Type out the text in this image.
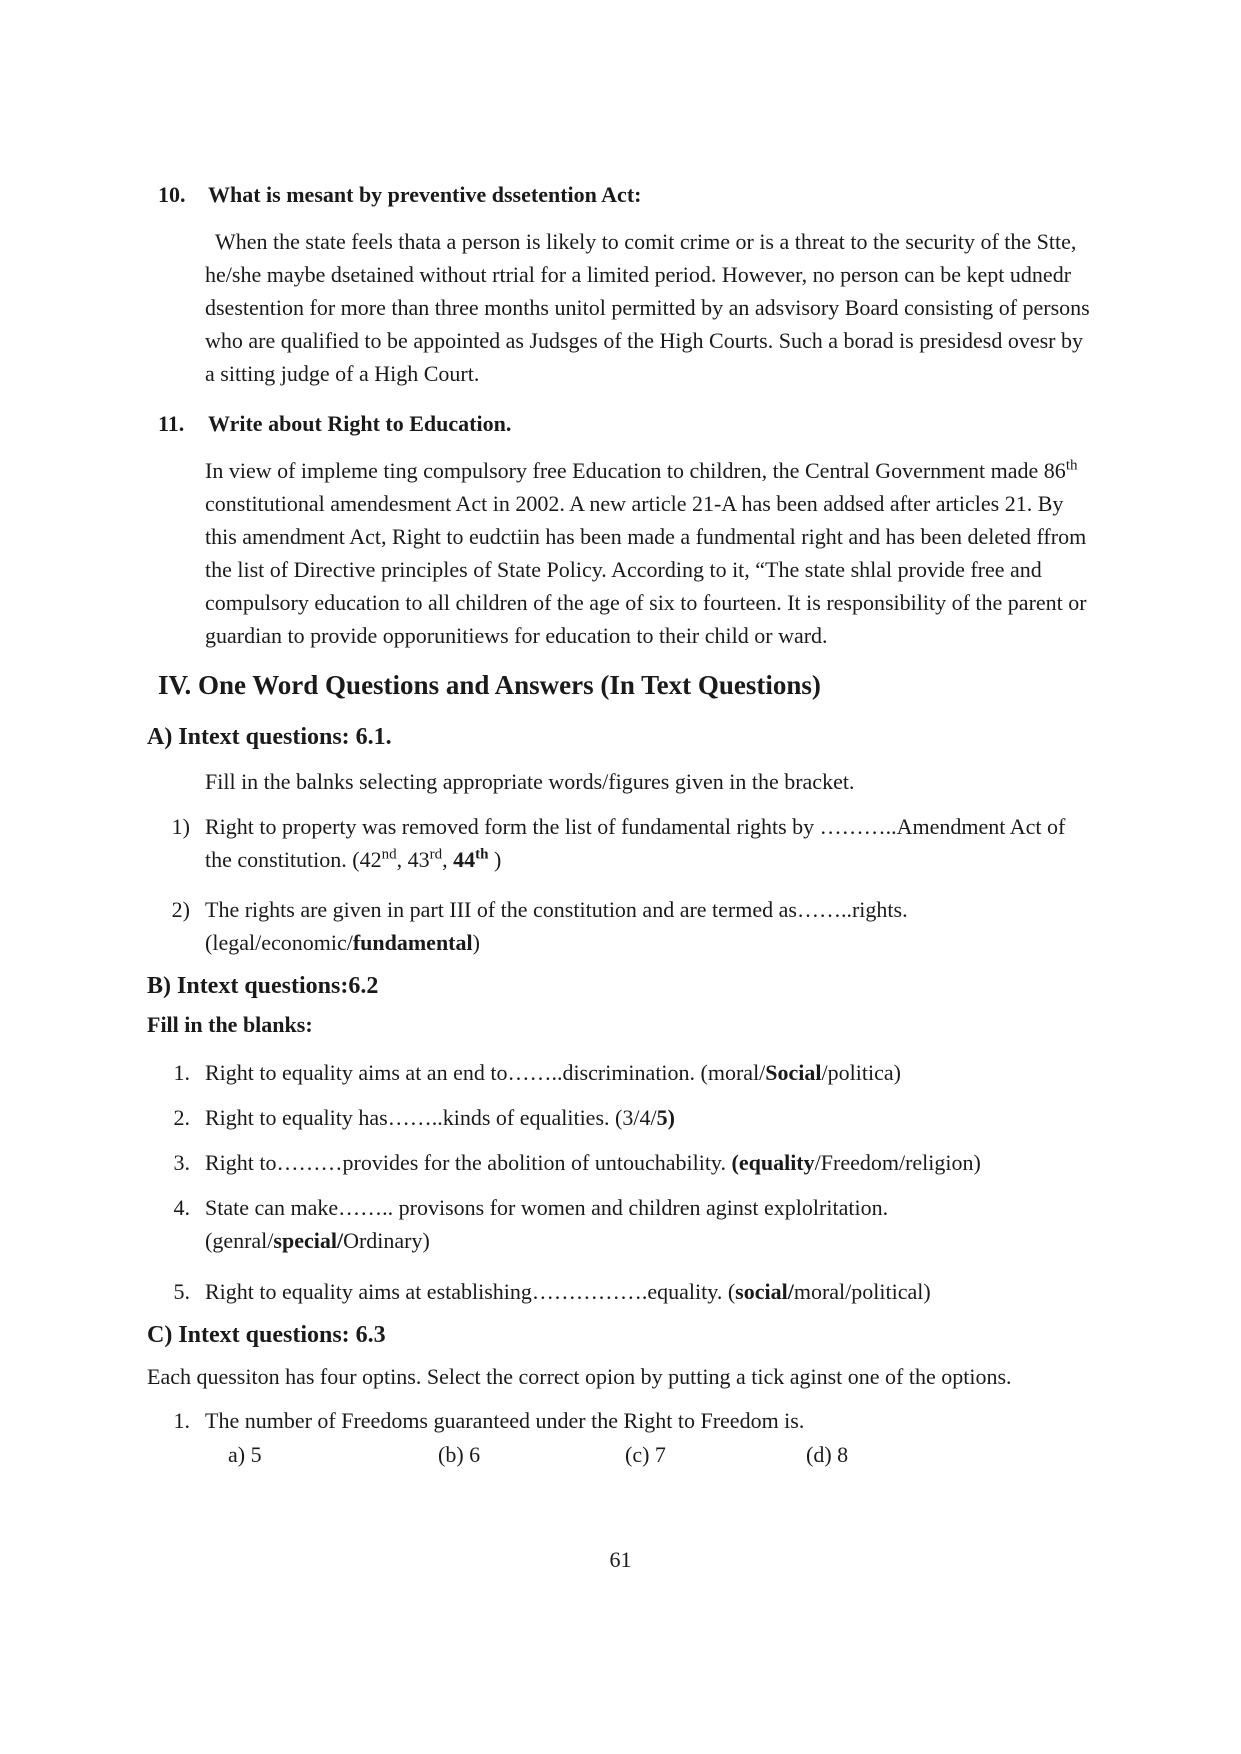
10. What is mesant by preventive dssetention Act:

When the state feels thata a person is likely to comit crime or is a threat to the security of the Stte, he/she maybe dsetained without rtrial for a limited period. However, no person can be kept udnedr dsestention for more than three months unitol permitted by an adsvisory Board consisting of persons who are qualified to be appointed as Judsges of the High Courts. Such a borad is presidesd ovesr by a sitting judge of a High Court.

11. Write about Right to Education.

In view of impleme ting compulsory free Education to children, the Central Government made 86th constitutional amendesment Act in 2002. A new article 21-A has been addsed after articles 21. By this amendment Act, Right to eudctiin has been made a fundmental right and has been deleted ffrom the list of Directive principles of State Policy. According to it, “The state shlal provide free and compulsory education to all children of the age of six to fourteen. It is responsibility of the parent or guardian to provide opporunitiews for education to their child or ward.

IV. One Word Questions and Answers (In Text Questions)
A) Intext questions: 6.1.

Fill in the balnks selecting appropriate words/figures given in the bracket.

1) Right to property was removed form the list of fundamental rights by ………..Amendment Act of the constitution. (42nd, 43rd, 44th )
2) The rights are given in part III of the constitution and are termed as……..rights. (legal/economic/fundamental)
B) Intext questions:6.2

Fill in the blanks:

1. Right to equality aims at an end to……..discrimination. (moral/Social/politica)
2. Right to equality has……..kinds of equalities. (3/4/5)
3. Right to………provides for the abolition of untouchability. (equality/Freedom/religion)
4. State can make…….. provisons for women and children aginst explolritation. (genral/special/Ordinary)
5. Right to equality aims at establishing…………….equality. (social/moral/political)
C) Intext questions: 6.3

Each quessiton has four optins. Select the correct opion by putting a tick aginst one of the options.

1. The number of Freedoms guaranteed under the Right to Freedom is.
a) 5	(b) 6	(c) 7	(d) 8
61
